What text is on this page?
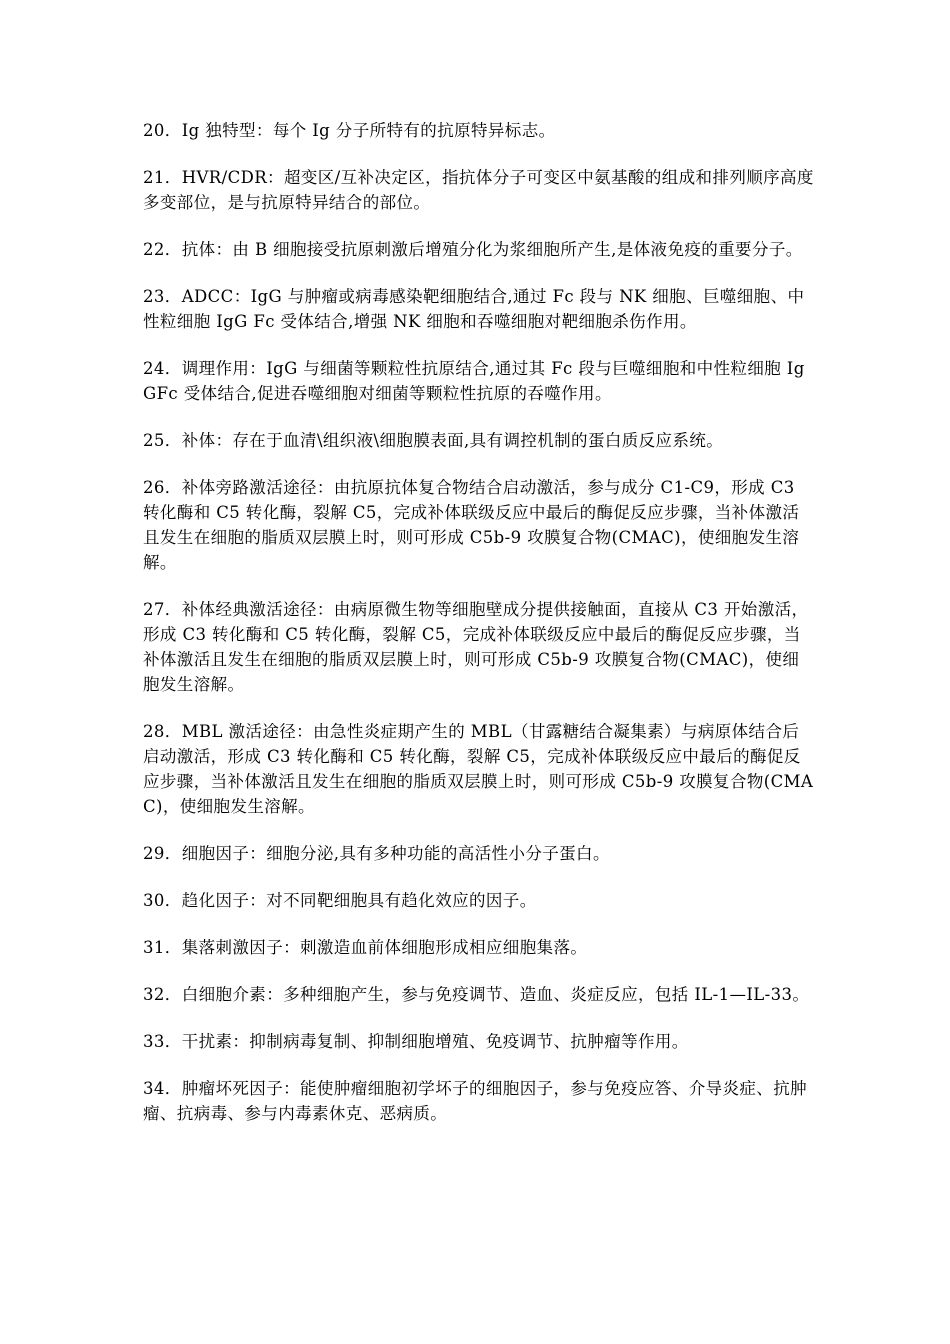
20．Ig 独特型：每个 Ig 分子所特有的抗原特异标志。

21．HVR/CDR：超变区/互补决定区，指抗体分子可变区中氨基酸的组成和排列顺序高度多变部位，是与抗原特异结合的部位。

22．抗体：由 B 细胞接受抗原刺激后增殖分化为浆细胞所产生,是体液免疫的重要分子。

23．ADCC：IgG 与肿瘤或病毒感染靶细胞结合,通过 Fc 段与 NK 细胞、巨噬细胞、中性粒细胞 IgG Fc 受体结合,增强 NK 细胞和吞噬细胞对靶细胞杀伤作用。

24．调理作用：IgG 与细菌等颗粒性抗原结合,通过其 Fc 段与巨噬细胞和中性粒细胞 IgGFc 受体结合,促进吞噬细胞对细菌等颗粒性抗原的吞噬作用。

25．补体：存在于血清\组织液\细胞膜表面,具有调控机制的蛋白质反应系统。

26．补体旁路激活途径：由抗原抗体复合物结合启动激活，参与成分 C1-C9，形成 C3 转化酶和 C5 转化酶，裂解 C5，完成补体联级反应中最后的酶促反应步骤，当补体激活且发生在细胞的脂质双层膜上时，则可形成 C5b-9 攻膜复合物(CMAC)，使细胞发生溶解。

27．补体经典激活途径：由病原微生物等细胞壁成分提供接触面，直接从 C3 开始激活，形成 C3 转化酶和 C5 转化酶，裂解 C5，完成补体联级反应中最后的酶促反应步骤，当补体激活且发生在细胞的脂质双层膜上时，则可形成 C5b-9 攻膜复合物(CMAC)，使细胞发生溶解。

28．MBL 激活途径：由急性炎症期产生的 MBL（甘露糖结合凝集素）与病原体结合后启动激活，形成 C3 转化酶和 C5 转化酶，裂解 C5，完成补体联级反应中最后的酶促反应步骤，当补体激活且发生在细胞的脂质双层膜上时，则可形成 C5b-9 攻膜复合物(CMAC)，使细胞发生溶解。

29．细胞因子：细胞分泌,具有多种功能的高活性小分子蛋白。

30．趋化因子：对不同靶细胞具有趋化效应的因子。

31．集落刺激因子：刺激造血前体细胞形成相应细胞集落。

32．白细胞介素：多种细胞产生，参与免疫调节、造血、炎症反应，包括 IL-1—IL-33。

33．干扰素：抑制病毒复制、抑制细胞增殖、免疫调节、抗肿瘤等作用。

34．肿瘤坏死因子：能使肿瘤细胞初学坏子的细胞因子，参与免疫应答、介导炎症、抗肿瘤、抗病毒、参与内毒素休克、恶病质。
